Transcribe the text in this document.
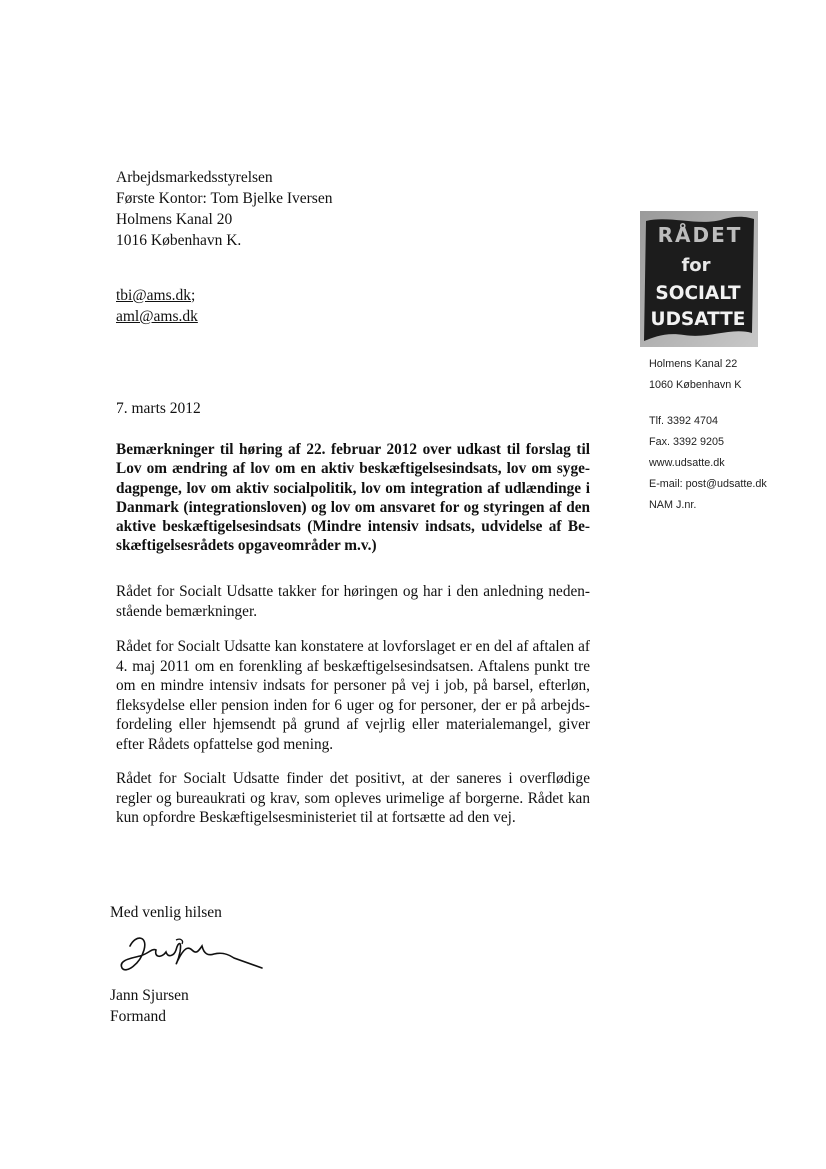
Arbejdsmarkedsstyrelsen
Første Kontor: Tom Bjelke Iversen
Holmens Kanal 20
1016 København K.
tbi@ams.dk;
aml@ams.dk
7. marts 2012
Bemærkninger til høring af 22. februar 2012 over udkast til forslag til Lov om ændring af lov om en aktiv beskæftigelsesindsats, lov om syge-dagpenge, lov om aktiv socialpolitik, lov om integration af udlændinge i Danmark (integrationsloven) og lov om ansvaret for og styringen af den aktive beskæftigelsesindsats (Mindre intensiv indsats, udvidelse af Be-skæftigelsesrådets opgaveområder m.v.)
Rådet for Socialt Udsatte takker for høringen og har i den anledning neden-stående bemærkninger.
Rådet for Socialt Udsatte kan konstatere at lovforslaget er en del af aftalen af 4. maj 2011 om en forenkling af beskæftigelsesindsatsen. Aftalens punkt tre om en mindre intensiv indsats for personer på vej i job, på barsel, efterløn, fleksydelse eller pension inden for 6 uger og for personer, der er på arbejds-fordeling eller hjemsendt på grund af vejrlig eller materialemangel, giver efter Rådets opfattelse god mening.
Rådet for Socialt Udsatte finder det positivt, at der saneres i overflødige regler og bureaukrati og krav, som opleves urimelige af borgerne. Rådet kan kun opfordre Beskæftigelsesministeriet til at fortsætte ad den vej.
Med venlig hilsen
Jann Sjursen
Formand
RÅDET
for
SOCIALT
UDSATTE
Holmens Kanal 22
1060 København K
Tlf. 3392 4704
Fax. 3392 9205
www.udsatte.dk
E-mail: post@udsatte.dk
NAM J.nr.
